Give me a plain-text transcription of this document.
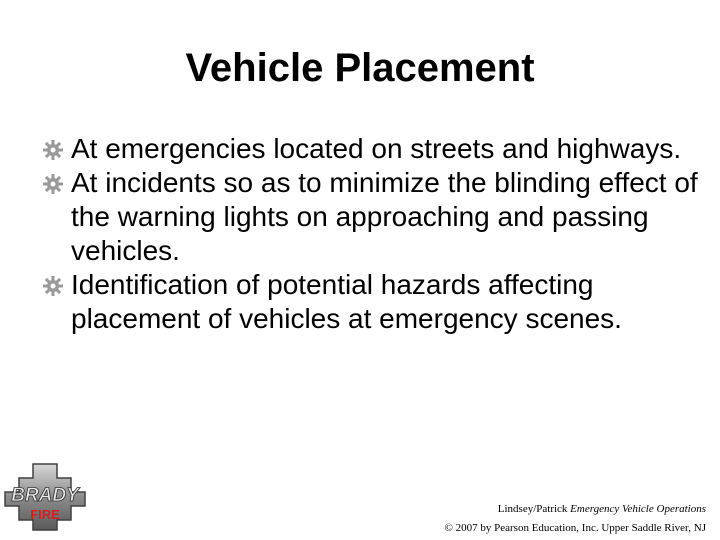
Vehicle Placement
At emergencies located on streets and highways.
At incidents so as to minimize the blinding effect of the warning lights on approaching and passing vehicles.
Identification of potential hazards affecting placement of vehicles at emergency scenes.
BRADY
FIRE	Lindsey/Patrick Emergency Vehicle Operations
© 2007 by Pearson Education, Inc. Upper Saddle River, NJ
